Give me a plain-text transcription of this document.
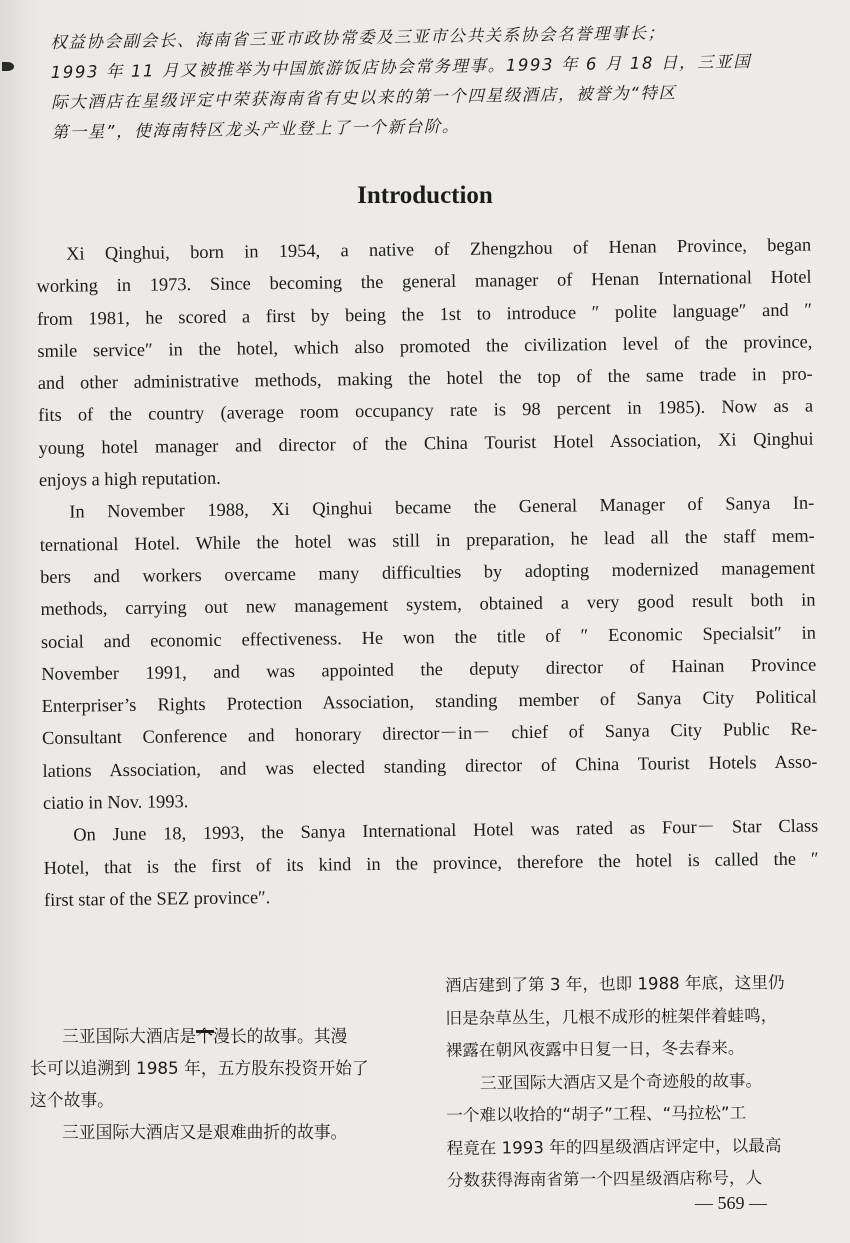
权益协会副会长、海南省三亚市政协常委及三亚市公共关系协会名誉理事长；
1993 年 11 月又被推举为中国旅游饭店协会常务理事。1993 年 6 月 18 日，三亚国
际大酒店在星级评定中荣获海南省有史以来的第一个四星级酒店，被誉为“特区
第一星”，使海南特区龙头产业登上了一个新台阶。
Introduction
Xi Qinghui, born in 1954, a native of Zhengzhou of Henan Province, began
working in 1973. Since becoming the general manager of Henan International Hotel
from 1981, he scored a first by being the 1st to introduce ″ polite language″ and ″
smile service″ in the hotel, which also promoted the civilization level of the province,
and other administrative methods, making the hotel the top of the same trade in pro-
fits of the country (average room occupancy rate is 98 percent in 1985). Now as a
young hotel manager and director of the China Tourist Hotel Association, Xi Qinghui
enjoys a high reputation.
In November 1988, Xi Qinghui became the General Manager of Sanya In-
ternational Hotel. While the hotel was still in preparation, he lead all the staff mem-
bers and workers overcame many difficulties by adopting modernized management
methods, carrying out new management system, obtained a very good result both in
social and economic effectiveness. He won the title of ″ Economic Specialsit″ in
November 1991, and was appointed the deputy director of Hainan Province
Enterpriser’s Rights Protection Association, standing member of Sanya City Political
Consultant Conference and honorary director－in－ chief of Sanya City Public Re-
lations Association, and was elected standing director of China Tourist Hotels Asso-
ciatio in Nov. 1993.
On June 18, 1993, the Sanya International Hotel was rated as Four－ Star Class
Hotel, that is the first of its kind in the province, therefore the hotel is called the ″
first star of the SEZ province″.
三亚国际大酒店是个漫长的故事。其漫
长可以追溯到 1985 年，五方股东投资开始了
这个故事。
三亚国际大酒店又是艰难曲折的故事。
酒店建到了第 3 年，也即 1988 年底，这里仍
旧是杂草丛生，几根不成形的桩架伴着蛙鸣，
裸露在朝风夜露中日复一日，冬去春来。
三亚国际大酒店又是个奇迹般的故事。
一个难以收拾的“胡子”工程、“马拉松”工
程竟在 1993 年的四星级酒店评定中，以最高
分数获得海南省第一个四星级酒店称号，人
— 569 —
